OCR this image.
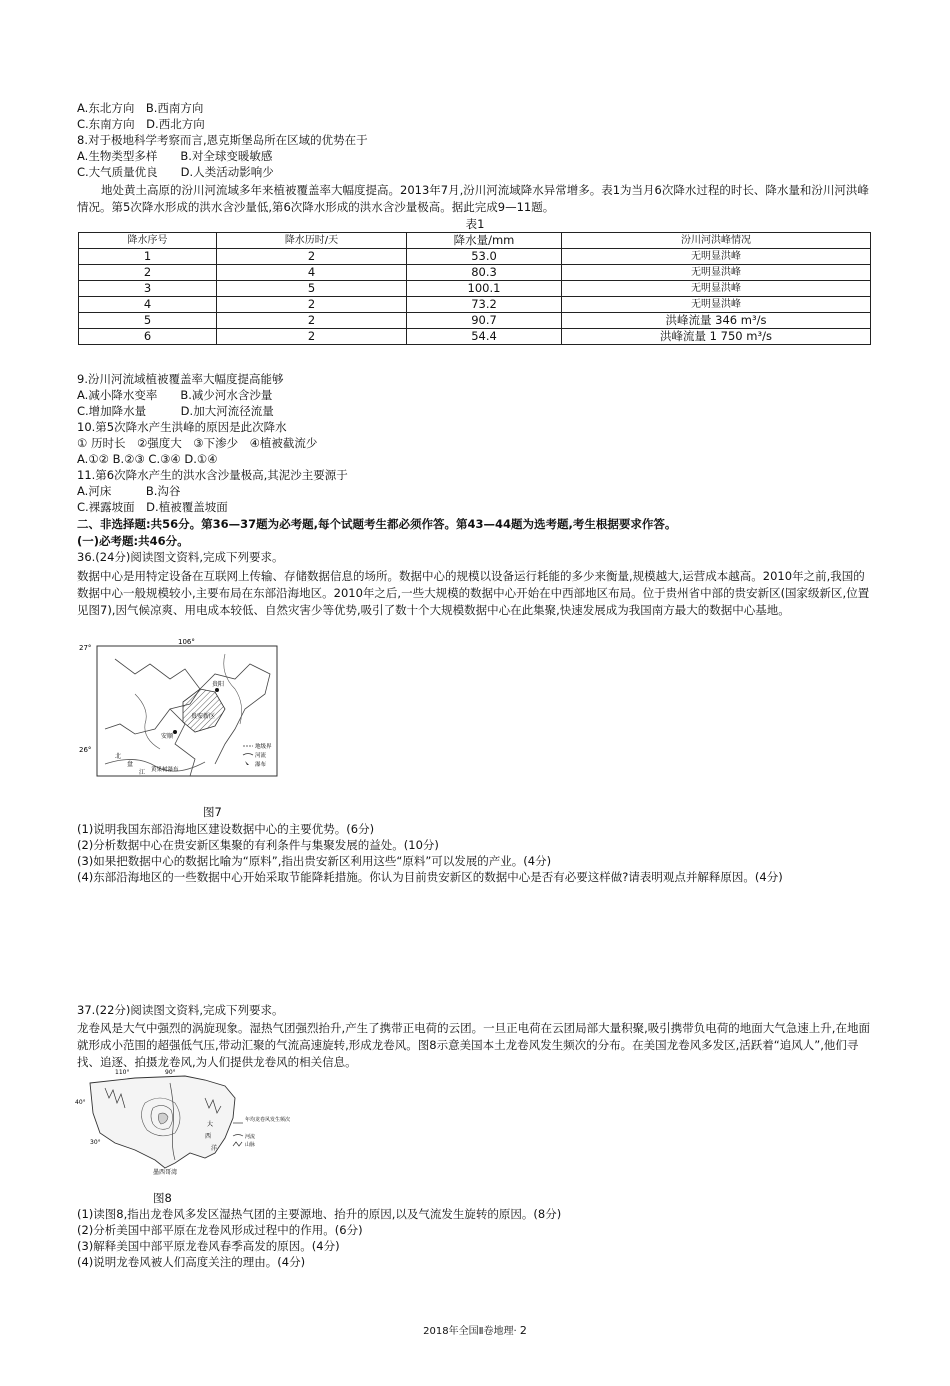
A.东北方向　B.西南方向
C.东南方向　D.西北方向
8.对于极地科学考察而言,恩克斯堡岛所在区域的优势在于
A.生物类型多样　　B.对全球变暖敏感
C.大气质量优良　　D.人类活动影响少
地处黄土高原的汾川河流域多年来植被覆盖率大幅度提高。2013年7月,汾川河流域降水异常增多。表1为当月6次降水过程的时长、降水量和汾川河洪峰情况。第5次降水形成的洪水含沙量低,第6次降水形成的洪水含沙量极高。据此完成9—11题。
表1
降水序号	降水历时/天	降水量/mm	汾川河洪峰情况
1	2	53.0	无明显洪峰
2	4	80.3	无明显洪峰
3	5	100.1	无明显洪峰
4	2	73.2	无明显洪峰
5	2	90.7	洪峰流量 346 m³/s
6	2	54.4	洪峰流量 1 750 m³/s
9.汾川河流域植被覆盖率大幅度提高能够
A.减小降水变率　　B.减少河水含沙量
C.增加降水量　　　D.加大河流径流量
10.第5次降水产生洪峰的原因是此次降水
① 历时长　②强度大　③下渗少　④植被截流少
A.①② B.②③ C.③④ D.①④
11.第6次降水产生的洪水含沙量极高,其泥沙主要源于
A.河床　　　B.沟谷
C.裸露坡面　D.植被覆盖坡面
二、非选择题:共56分。第36—37题为必考题,每个试题考生都必须作答。第43—44题为选考题,考生根据要求作答。
(一)必考题:共46分。
36.(24分)阅读图文资料,完成下列要求。
数据中心是用特定设备在互联网上传输、存储数据信息的场所。数据中心的规模以设备运行耗能的多少来衡量,规模越大,运营成本越高。2010年之前,我国的数据中心一般规模较小,主要布局在东部沿海地区。2010年之后,一些大规模的数据中心开始在中西部地区布局。位于贵州省中部的贵安新区(国家级新区,位置见图7),因气候凉爽、用电成本较低、自然灾害少等优势,吸引了数十个大规模数据中心在此集聚,快速发展成为我国南方最大的数据中心基地。
106°
27°
26°
贵阳
贵安新区
安顺
北
盘
江 黄果树瀑布
地级界
河流
瀑布
图7
(1)说明我国东部沿海地区建设数据中心的主要优势。(6分)
(2)分析数据中心在贵安新区集聚的有利条件与集聚发展的益处。(10分)
(3)如果把数据中心的数据比喻为“原料”,指出贵安新区利用这些“原料”可以发展的产业。(4分)
(4)东部沿海地区的一些数据中心开始采取节能降耗措施。你认为目前贵安新区的数据中心是否有必要这样做?请表明观点并解释原因。(4分)
37.(22分)阅读图文资料,完成下列要求。
龙卷风是大气中强烈的涡旋现象。湿热气团强烈抬升,产生了携带正电荷的云团。一旦正电荷在云团局部大量积聚,吸引携带负电荷的地面大气急速上升,在地面就形成小范围的超强低气压,带动汇聚的气流高速旋转,形成龙卷风。图8示意美国本土龙卷风发生频次的分布。在美国龙卷风多发区,活跃着“追风人”,他们寻找、追逐、拍摄龙卷风,为人们提供龙卷风的相关信息。
110°	90°
40°
30°
大
西
洋
墨西哥湾
年均龙卷风发生频次
河流
山脉
图8
(1)读图8,指出龙卷风多发区湿热气团的主要源地、抬升的原因,以及气流发生旋转的原因。(8分)
(2)分析美国中部平原在龙卷风形成过程中的作用。(6分)
(3)解释美国中部平原龙卷风春季高发的原因。(4分)
(4)说明龙卷风被人们高度关注的理由。(4分)
2018年全国Ⅱ卷地理· 2
